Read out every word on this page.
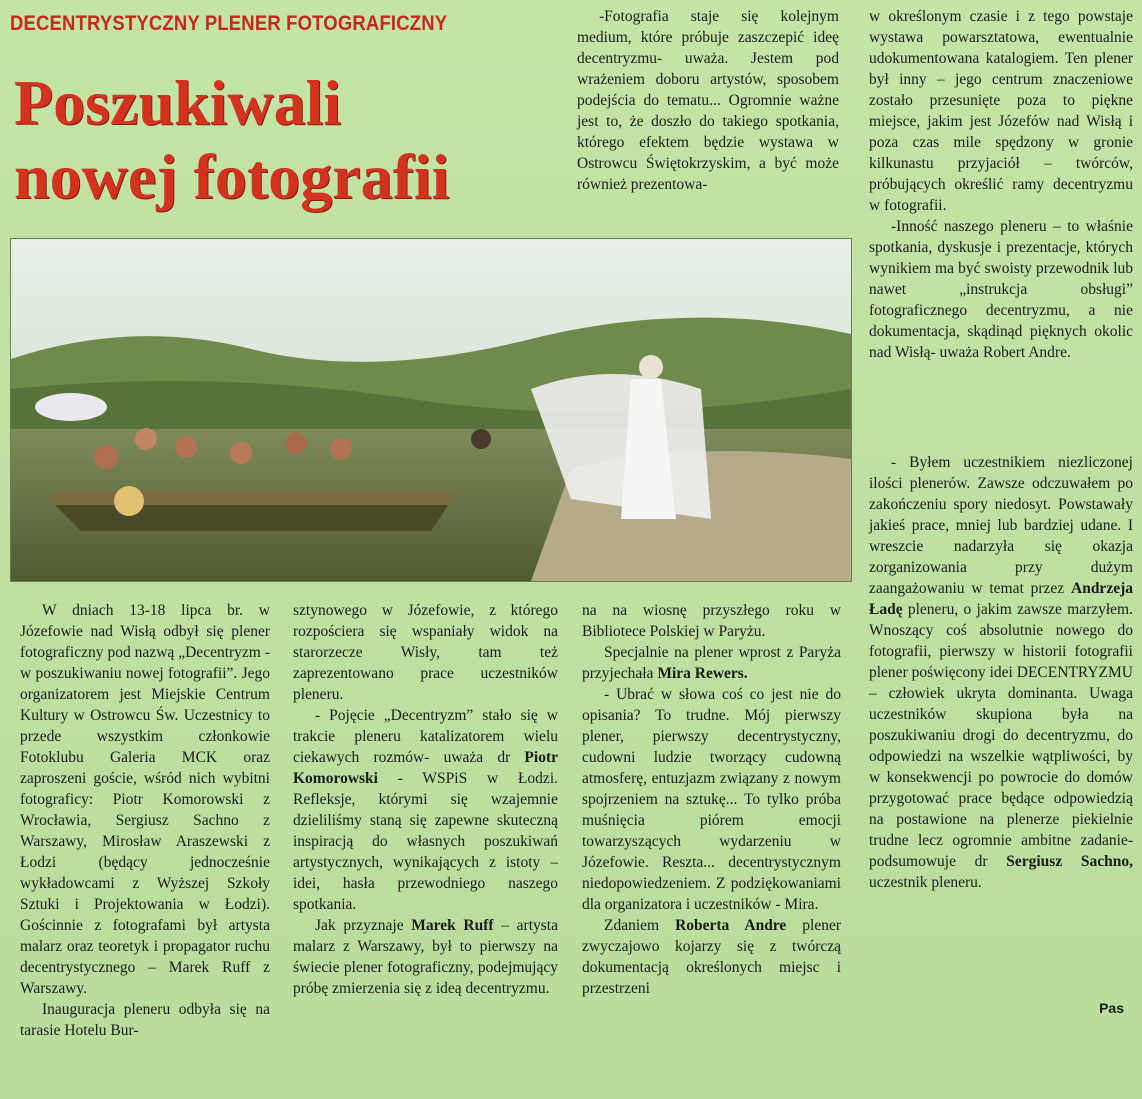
DECENTRYSTYCZNY PLENER FOTOGRAFICZNY
Poszukiwali
nowej fotografii

-Fotografia staje się kolejnym medium, które próbuje zaszczepić ideę decentryzmu- uważa. Jestem pod wrażeniem doboru artystów, sposobem podejścia do tematu... Ogromnie ważne jest to, że doszło do takiego spotkania, którego efektem będzie wystawa w Ostrowcu Świętokrzyskim, a być może również prezentowa-

w określonym czasie i z tego powstaje wystawa powarsztatowa, ewentualnie udokumentowana katalogiem. Ten plener był inny – jego centrum znaczeniowe zostało przesunięte poza to piękne miejsce, jakim jest Józefów nad Wisłą i poza czas mile spędzony w gronie kilkunastu przyjaciół – twórców, próbujących określić ramy decentryzmu w fotografii.

-Inność naszego pleneru – to właśnie spotkania, dyskusje i prezentacje, których wynikiem ma być swoisty przewodnik lub nawet „instrukcja obsługi” fotograficznego decentryzmu, a nie dokumentacja, skądinąd pięknych okolic nad Wisłą- uważa Robert Andre.

W dniach 13-18 lipca br. w Józefowie nad Wisłą odbył się plener fotograficzny pod nazwą „Decentryzm - w poszukiwaniu nowej fotografii”. Jego organizatorem jest Miejskie Centrum Kultury w Ostrowcu Św. Uczestnicy to przede wszystkim członkowie Fotoklubu Galeria MCK oraz zaproszeni goście, wśród nich wybitni fotograficy: Piotr Komorowski z Wrocławia, Sergiusz Sachno z Warszawy, Mirosław Araszewski z Łodzi (będący jednocześnie wykładowcami z Wyższej Szkoły Sztuki i Projektowania w Łodzi). Gościnnie z fotografami był artysta malarz oraz teoretyk i propagator ruchu decentrystycznego – Marek Ruff z Warszawy.

Inauguracja pleneru odbyła się na tarasie Hotelu Bur-

sztynowego w Józefowie, z którego rozpościera się wspaniały widok na starorzecze Wisły, tam też zaprezentowano prace uczestników pleneru.

- Pojęcie „Decentryzm” stało się w trakcie pleneru katalizatorem wielu ciekawych rozmów- uważa dr Piotr Komorowski - WSPiS w Łodzi. Refleksje, którymi się wzajemnie dzieliliśmy staną się zapewne skuteczną inspiracją do własnych poszukiwań artystycznych, wynikających z istoty – idei, hasła przewodniego naszego spotkania.

Jak przyznaje Marek Ruff – artysta malarz z Warszawy, był to pierwszy na świecie plener fotograficzny, podejmujący próbę zmierzenia się z ideą decentryzmu.

na na wiosnę przyszłego roku w Bibliotece Polskiej w Paryżu.

Specjalnie na plener wprost z Paryża przyjechała Mira Rewers.

- Ubrać w słowa coś co jest nie do opisania? To trudne. Mój pierwszy plener, pierwszy decentrystyczny, cudowni ludzie tworzący cudowną atmosferę, entuzjazm związany z nowym spojrzeniem na sztukę... To tylko próba muśnięcia piórem emocji towarzyszących wydarzeniu w Józefowie. Reszta... decentrystycznym niedopowiedzeniem. Z podziękowaniami dla organizatora i uczestników - Mira.

Zdaniem Roberta Andre plener zwyczajowo kojarzy się z twórczą dokumentacją określonych miejsc i przestrzeni

- Byłem uczestnikiem niezliczonej ilości plenerów. Zawsze odczuwałem po zakończeniu spory niedosyt. Powstawały jakieś prace, mniej lub bardziej udane. I wreszcie nadarzyła się okazja zorganizowania przy dużym zaangażowaniu w temat przez Andrzeja Ładę pleneru, o jakim zawsze marzyłem. Wnoszący coś absolutnie nowego do fotografii, pierwszy w historii fotografii plener poświęcony idei DECENTRYZMU – człowiek ukryta dominanta. Uwaga uczestników skupiona była na poszukiwaniu drogi do decentryzmu, do odpowiedzi na wszelkie wątpliwości, by w konsekwencji po powrocie do domów przygotować prace będące odpowiedzią na postawione na plenerze piekielnie trudne lecz ogromnie ambitne zadanie- podsumowuje dr Sergiusz Sachno, uczestnik pleneru.

Pas
